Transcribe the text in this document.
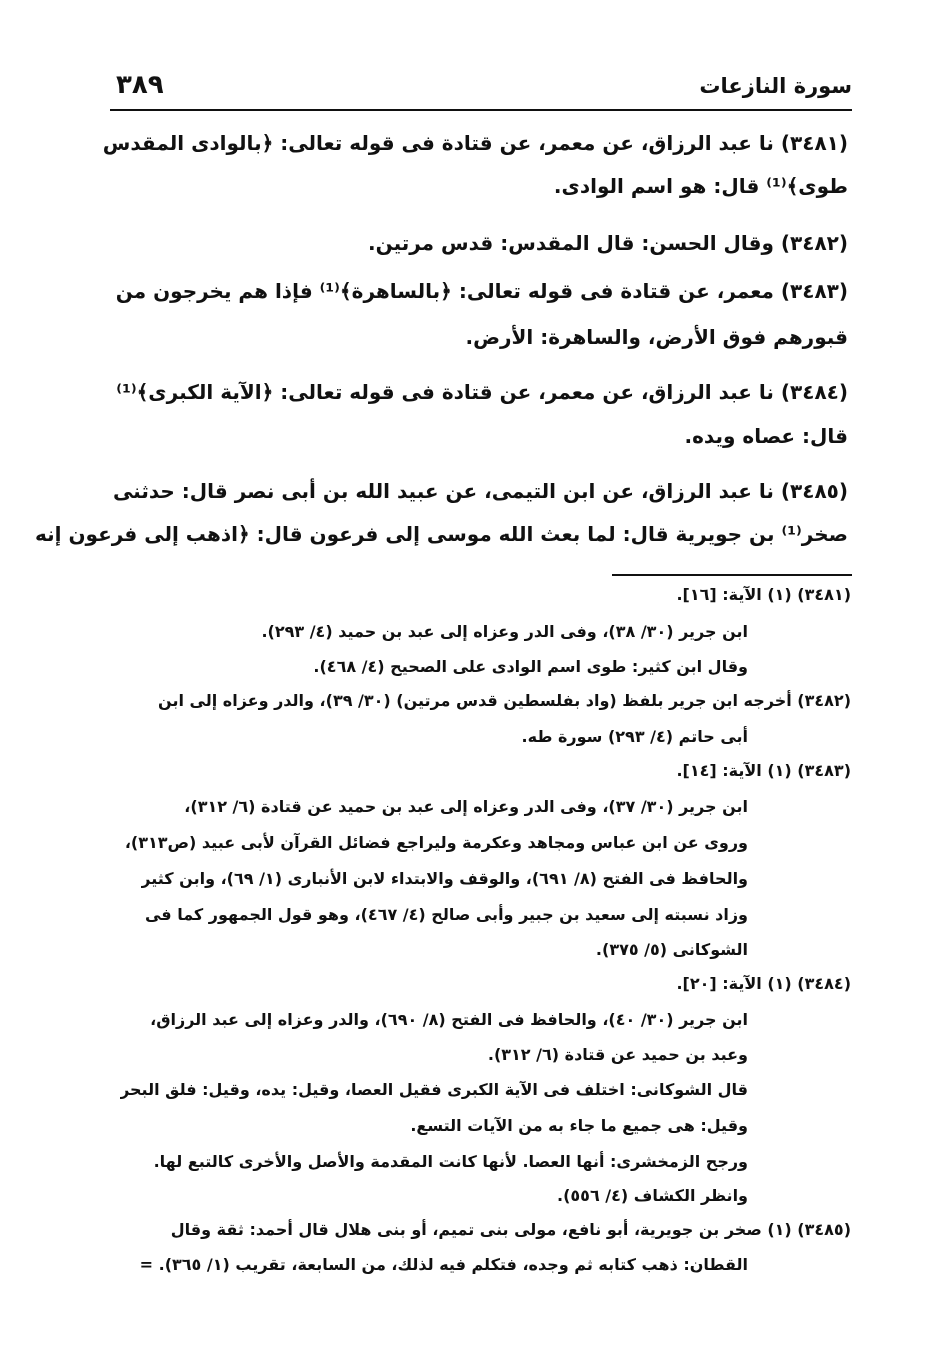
سورة النازعات
٣٨٩
(٣٤٨١) نا عبد الرزاق، عن معمر، عن قتادة فى قوله تعالى: ﴿بالوادى المقدس
طوى﴾⁽¹⁾ قال: هو اسم الوادى.
(٣٤٨٢) وقال الحسن: قال المقدس: قدس مرتين.
(٣٤٨٣) معمر، عن قتادة فى قوله تعالى: ﴿بالساهرة﴾⁽¹⁾ فإذا هم يخرجون من
قبورهم فوق الأرض، والساهرة: الأرض.
(٣٤٨٤) نا عبد الرزاق، عن معمر، عن قتادة فى قوله تعالى: ﴿الآية الكبرى﴾⁽¹⁾
قال: عصاه ويده.
(٣٤٨٥) نا عبد الرزاق، عن ابن التيمى، عن عبيد الله بن أبى نصر قال: حدثنى
صخر⁽¹⁾ بن جويرية قال: لما بعث الله موسى إلى فرعون قال: ﴿اذهب إلى فرعون إنه
(٣٤٨١) (١) الآية: [١٦].
ابن جرير (٣٠/ ٣٨)، وفى الدر وعزاه إلى عبد بن حميد (٤/ ٢٩٣).
وقال ابن كثير: طوى اسم الوادى على الصحيح (٤/ ٤٦٨).
(٣٤٨٢) أخرجه ابن جرير بلفظ (واد بفلسطين قدس مرتين) (٣٠/ ٣٩)، والدر وعزاه إلى ابن
أبى حاتم (٤/ ٢٩٣) سورة طه.
(٣٤٨٣) (١) الآية: [١٤].
ابن جرير (٣٠/ ٣٧)، وفى الدر وعزاه إلى عبد بن حميد عن قتادة (٦/ ٣١٢)،
وروى عن ابن عباس ومجاهد وعكرمة وليراجع فضائل القرآن لأبى عبيد (ص٣١٣)،
والحافظ فى الفتح (٨/ ٦٩١)، والوقف والابتداء لابن الأنبارى (١/ ٦٩)، وابن كثير
وزاد نسبته إلى سعيد بن جبير وأبى صالح (٤/ ٤٦٧)، وهو قول الجمهور كما فى
الشوكانى (٥/ ٣٧٥).
(٣٤٨٤) (١) الآية: [٢٠].
ابن جرير (٣٠/ ٤٠)، والحافظ فى الفتح (٨/ ٦٩٠)، والدر وعزاه إلى عبد الرزاق،
وعبد بن حميد عن قتادة (٦/ ٣١٢).
قال الشوكانى: اختلف فى الآية الكبرى فقيل العصا، وقيل: يده، وقيل: فلق البحر
وقيل: هى جميع ما جاء به من الآيات التسع.
ورجح الزمخشرى: أنها العصا. لأنها كانت المقدمة والأصل والأخرى كالتبع لها.
وانظر الكشاف (٤/ ٥٥٦).
(٣٤٨٥) (١) صخر بن جويرية، أبو نافع، مولى بنى تميم، أو بنى هلال قال أحمد: ثقة وقال
القطان: ذهب كتابه ثم وجده، فتكلم فيه لذلك، من السابعة، تقريب (١/ ٣٦٥). =
